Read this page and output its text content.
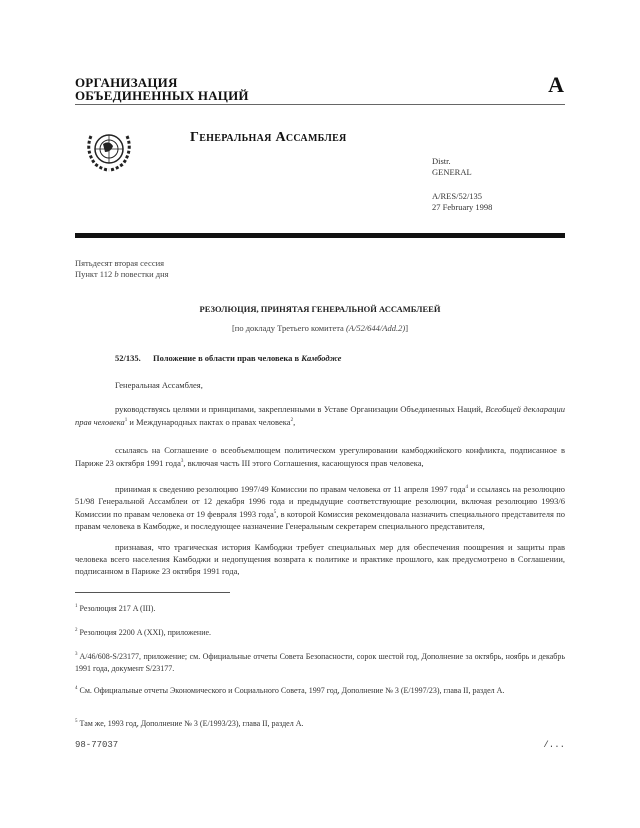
ОРГАНИЗАЦИЯ
ОБЪЕДИНЕННЫХ НАЦИЙ	A
Генеральная Ассамблея
Distr.
GENERAL
A/RES/52/135
27 February 1998
Пятьдесят вторая сессия
Пункт 112 b повестки дня
РЕЗОЛЮЦИЯ, ПРИНЯТАЯ ГЕНЕРАЛЬНОЙ АССАМБЛЕЕЙ
[по докладу Третьего комитета (A/52/644/Add.2)]
52/135. Положение в области прав человека в Камбодже
Генеральная Ассамблея,
руководствуясь целями и принципами, закрепленными в Уставе Организации Объединенных Наций, Всеобщей декларации прав человека$^1$ и Международных пактах о правах человека$^2$,
ссылаясь на Соглашение о всеобъемлющем политическом урегулировании камбоджийского конфликта, подписанное в Париже 23 октября 1991 года$^3$, включая часть III этого Соглашения, касающуюся прав человека,
принимая к сведению резолюцию 1997/49 Комиссии по правам человека от 11 апреля 1997 года$^4$ и ссылаясь на резолюцию 51/98 Генеральной Ассамблеи от 12 декабря 1996 года и предыдущие соответствующие резолюции, включая резолюцию 1993/6 Комиссии по правам человека от 19 февраля 1993 года$^5$, в которой Комиссия рекомендовала назначить специального представителя по правам человека в Камбодже, и последующее назначение Генеральным секретарем специального представителя,
признавая, что трагическая история Камбоджи требует специальных мер для обеспечения поощрения и защиты прав человека всего населения Камбоджи и недопущения возврата к политике и практике прошлого, как предусмотрено в Соглашении, подписанном в Париже 23 октября 1991 года,
$^1$ Резолюция 217 A (III).
$^2$ Резолюция 2200 A (XXI), приложение.
$^3$ A/46/608-S/23177, приложение; см. Официальные отчеты Совета Безопасности, сорок шестой год, Дополнение за октябрь, ноябрь и декабрь 1991 года, документ S/23177.
$^4$ См. Официальные отчеты Экономического и Социального Совета, 1997 год, Дополнение № 3 (E/1997/23), глава II, раздел A.
$^5$ Там же, 1993 год, Дополнение № 3 (E/1993/23), глава II, раздел A.
98-77037	/...
